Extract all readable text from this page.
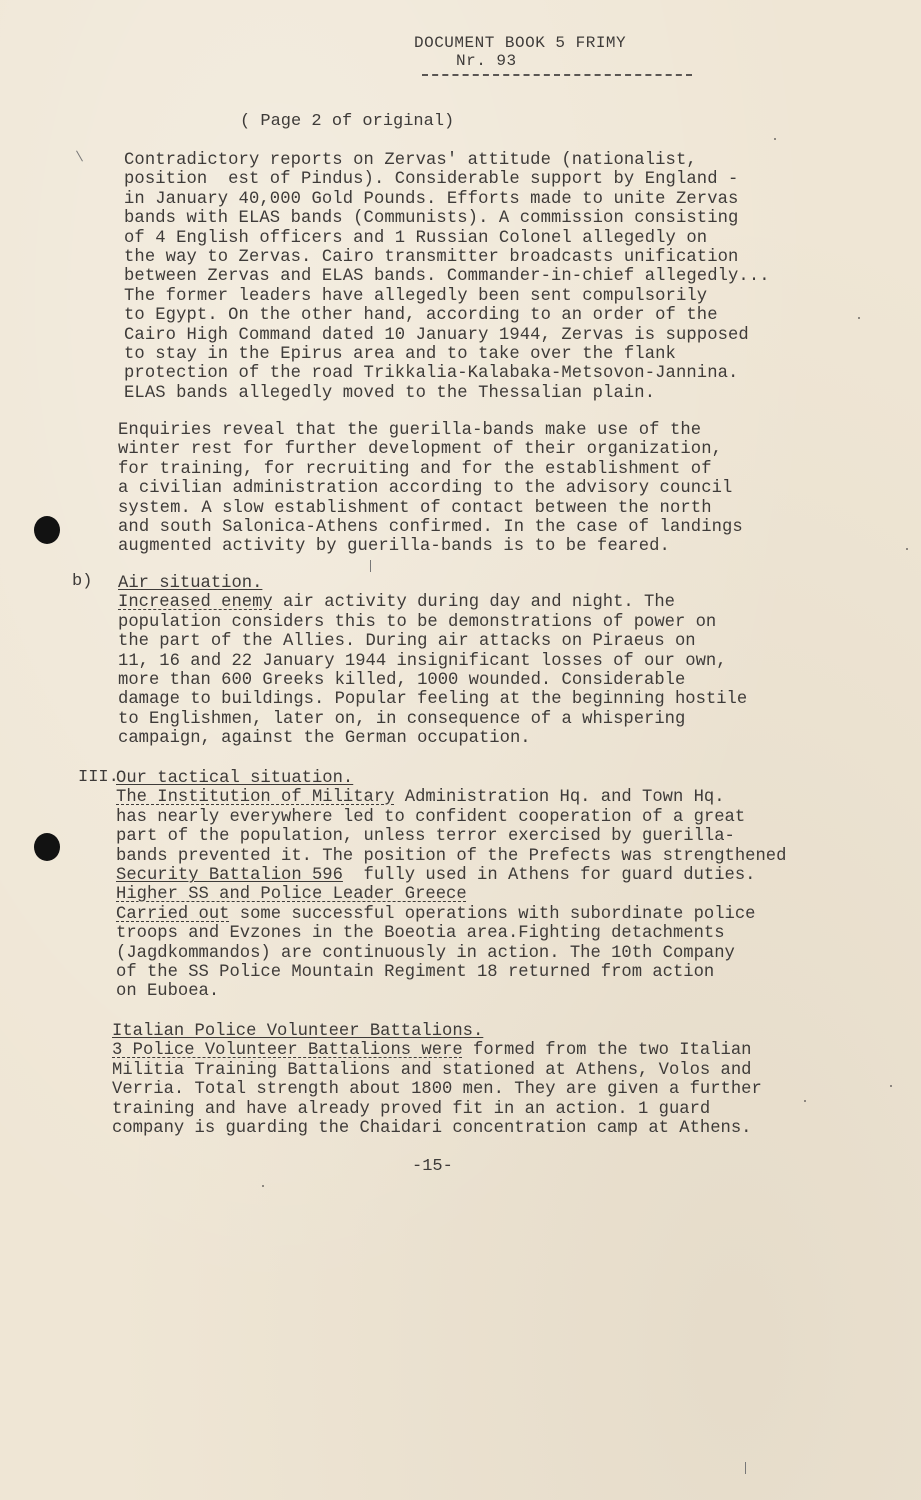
DOCUMENT BOOK 5 FRIMY
Nr. 93
( Page 2 of original)
Contradictory reports on Zervas' attitude (nationalist,
position  est of Pindus). Considerable support by England -
in January 40,000 Gold Pounds. Efforts made to unite Zervas
bands with ELAS bands (Communists). A commission consisting
of 4 English officers and 1 Russian Colonel allegedly on
the way to Zervas. Cairo transmitter broadcasts unification
between Zervas and ELAS bands. Commander-in-chief allegedly...
The former leaders have allegedly been sent compulsorily
to Egypt. On the other hand, according to an order of the
Cairo High Command dated 10 January 1944, Zervas is supposed
to stay in the Epirus area and to take over the flank
protection of the road Trikkalia-Kalabaka-Metsovon-Jannina.
ELAS bands allegedly moved to the Thessalian plain.
Enquiries reveal that the guerilla-bands make use of the
winter rest for further development of their organization,
for training, for recruiting and for the establishment of
a civilian administration according to the advisory council
system. A slow establishment of contact between the north
and south Salonica-Athens confirmed. In the case of landings
augmented activity by guerilla-bands is to be feared.
b) Air situation.
Increased enemy air activity during day and night. The
population considers this to be demonstrations of power on
the part of the Allies. During air attacks on Piraeus on
11, 16 and 22 January 1944 insignificant losses of our own,
more than 600 Greeks killed, 1000 wounded. Considerable
damage to buildings. Popular feeling at the beginning hostile
to Englishmen, later on, in consequence of a whispering
campaign, against the German occupation.
III.
Our tactical situation.
The Institution of Military Administration Hq. and Town Hq.
has nearly everywhere led to confident cooperation of a great
part of the population, unless terror exercised by guerilla-
bands prevented it. The position of the Prefects was strengthened
Security Battalion 596  fully used in Athens for guard duties.
Higher SS and Police Leader Greece
Carried out some successful operations with subordinate police
troops and Evzones in the Boeotia area.Fighting detachments
(Jagdkommandos) are continuously in action. The 10th Company
of the SS Police Mountain Regiment 18 returned from action
on Euboea.
Italian Police Volunteer Battalions.
3 Police Volunteer Battalions were formed from the two Italian
Militia Training Battalions and stationed at Athens, Volos and
Verria. Total strength about 1800 men. They are given a further
training and have already proved fit in an action. 1 guard
company is guarding the Chaidari concentration camp at Athens.
-15-
